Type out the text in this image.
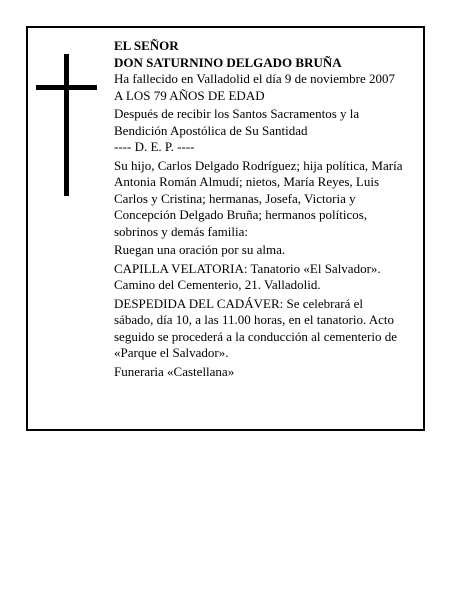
EL SEÑOR
DON SATURNINO DELGADO BRUÑA
Ha fallecido en Valladolid el día 9 de noviembre 2007
A LOS 79 AÑOS DE EDAD
Después de recibir los Santos Sacramentos y la
Bendición Apostólica de Su Santidad
---- D. E. P. ----
Su hijo, Carlos Delgado Rodríguez; hija política, María
Antonia Román Almudí; nietos, María Reyes, Luis
Carlos y Cristina; hermanas, Josefa, Victoria y
Concepción Delgado Bruña; hermanos políticos,
sobrinos y demás familia:
Ruegan una oración por su alma.
CAPILLA VELATORIA: Tanatorio «El Salvador».
Camino del Cementerio, 21. Valladolid.
DESPEDIDA DEL CADÁVER: Se celebrará el
sábado, día 10, a las 11.00 horas, en el tanatorio. Acto
seguido se procederá a la conducción al cementerio de
«Parque el Salvador».
Funeraria «Castellana»
